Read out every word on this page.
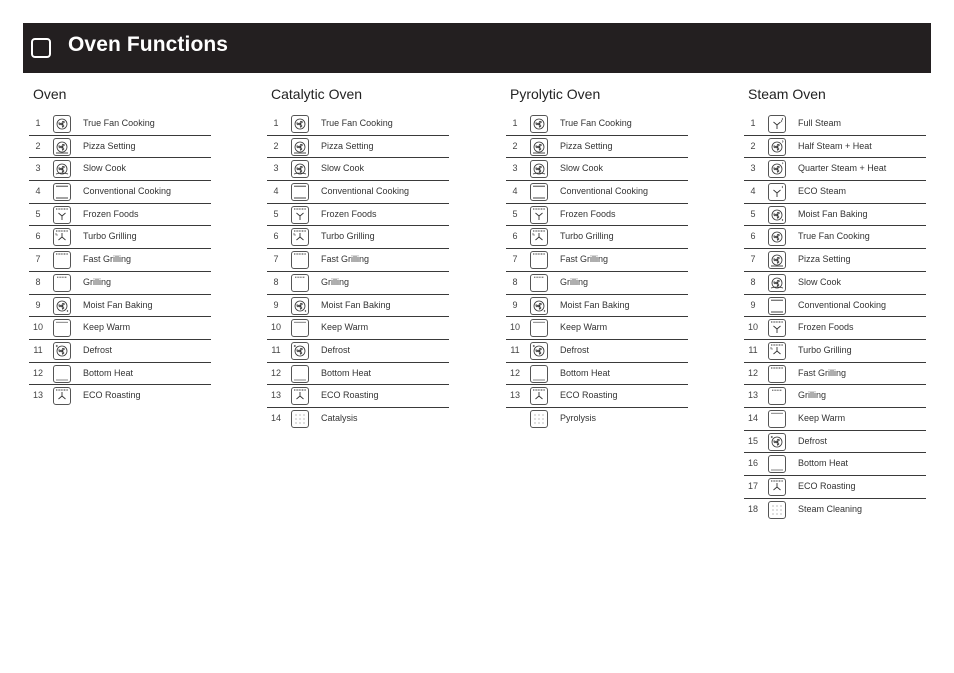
Oven Functions
Oven
1	True Fan Cooking
2	Pizza Setting
3	Slow Cook
4	Conventional Cooking
5	Frozen Foods
6	Turbo Grilling
7	Fast Grilling
8	Grilling
9	Moist Fan Baking
10	Keep Warm
11	Defrost
12	Bottom Heat
13	ECO Roasting
Catalytic Oven
1	True Fan Cooking
2	Pizza Setting
3	Slow Cook
4	Conventional Cooking
5	Frozen Foods
6	Turbo Grilling
7	Fast Grilling
8	Grilling
9	Moist Fan Baking
10	Keep Warm
11	Defrost
12	Bottom Heat
13	ECO Roasting
14	Catalysis
Pyrolytic Oven
1	True Fan Cooking
2	Pizza Setting
3	Slow Cook
4	Conventional Cooking
5	Frozen Foods
6	Turbo Grilling
7	Fast Grilling
8	Grilling
9	Moist Fan Baking
10	Keep Warm
11	Defrost
12	Bottom Heat
13	ECO Roasting
Pyrolysis
Steam Oven
1	Full Steam
2	Half Steam + Heat
3	Quarter Steam + Heat
4	ECO Steam
5	Moist Fan Baking
6	True Fan Cooking
7	Pizza Setting
8	Slow Cook
9	Conventional Cooking
10	Frozen Foods
11	Turbo Grilling
12	Fast Grilling
13	Grilling
14	Keep Warm
15	Defrost
16	Bottom Heat
17	ECO Roasting
18	Steam Cleaning
